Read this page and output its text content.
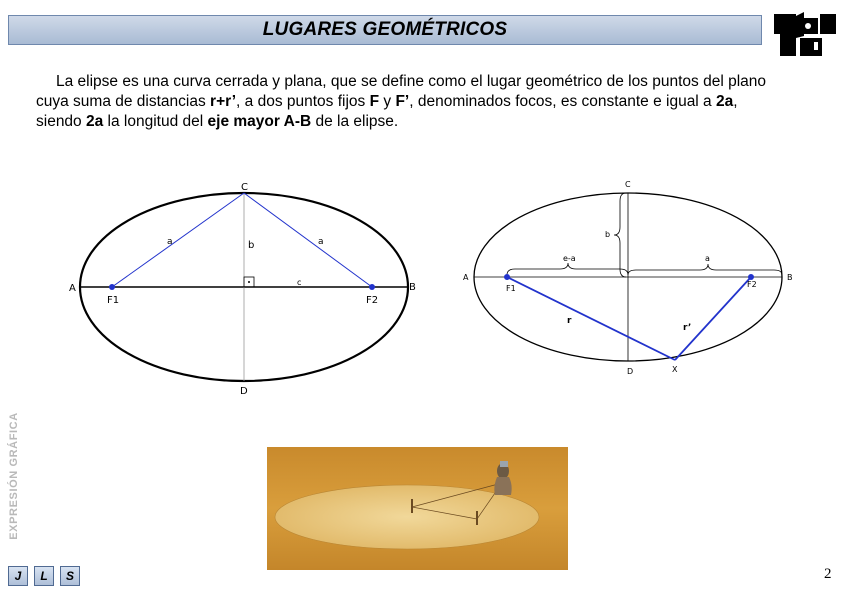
LUGARES GEOMÉTRICOS

La elipse es una curva cerrada y plana, que se define como el lugar geométrico de los puntos del plano cuya suma de distancias r+r’, a dos puntos fijos F y F’, denominados focos, es constante e igual a 2a, siendo 2a la longitud del eje mayor A-B de la elipse.

A	B
C
D
F1	F2
a	a
b
c
A	B
C
D	X
F1	F2
b
e-a	a
r
r’
EXPRESIÓN GRÁFICA
J	L	S	2
